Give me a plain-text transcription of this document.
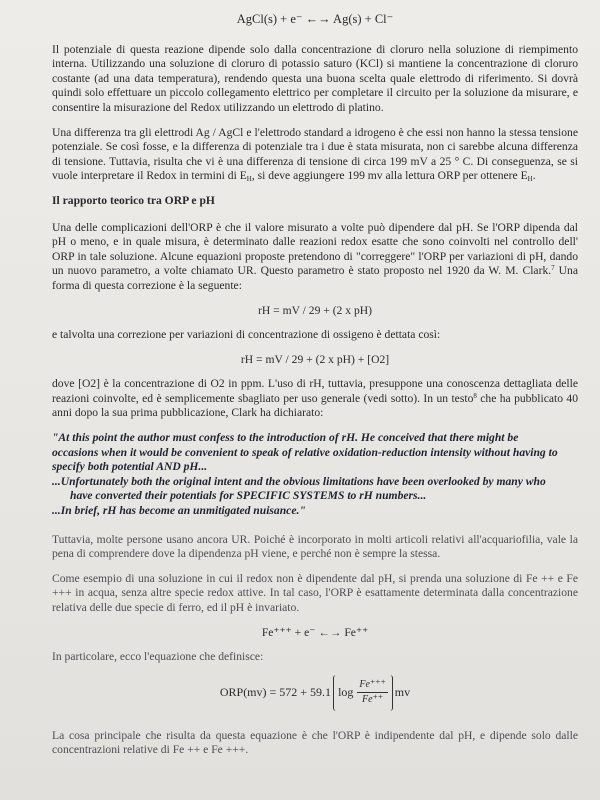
AgCl(s) + e⁻ ←→ Ag(s) + Cl⁻

Il potenziale di questa reazione dipende solo dalla concentrazione di cloruro nella soluzione di riempimento interna. Utilizzando una soluzione di cloruro di potassio saturo (KCl) si mantiene la concentrazione di cloruro costante (ad una data temperatura), rendendo questa una buona scelta quale elettrodo di riferimento. Si dovrà quindi solo effettuare un piccolo collegamento elettrico per completare il circuito per la soluzione da misurare, e consentire la misurazione del Redox utilizzando un elettrodo di platino.

Una differenza tra gli elettrodi Ag / AgCl e l'elettrodo standard a idrogeno è che essi non hanno la stessa tensione potenziale. Se così fosse, e la differenza di potenziale tra i due è stata misurata, non ci sarebbe alcuna differenza di tensione. Tuttavia, risulta che vi è una differenza di tensione di circa 199 mV a 25 ° C. Di conseguenza, se si vuole interpretare il Redox in termini di $E_H$, si deve aggiungere 199 mv alla lettura ORP per ottenere $E_H$.

Il rapporto teorico tra ORP e pH

Una delle complicazioni dell'ORP è che il valore misurato a volte può dipendere dal pH. Se l'ORP dipenda dal pH o meno, e in quale misura, è determinato dalle reazioni redox esatte che sono coinvolti nel controllo dell' ORP in tale soluzione. Alcune equazioni proposte pretendono di "correggere" l'ORP per variazioni di pH, dando un nuovo parametro, a volte chiamato UR. Questo parametro è stato proposto nel 1920 da W. M. Clark.$^7$ Una forma di questa correzione è la seguente:

rH = mV / 29 + (2 x pH)

e talvolta una correzione per variazioni di concentrazione di ossigeno è dettata così:

rH = mV / 29 + (2 x pH) + [O2]

dove [O2] è la concentrazione di O2 in ppm. L'uso di rH, tuttavia, presuppone una conoscenza dettagliata delle reazioni coinvolte, ed è semplicemente sbagliato per uso generale (vedi sotto). In un testo$^8$ che ha pubblicato 40 anni dopo la sua prima pubblicazione, Clark ha dichiarato:

"At this point the author must confess to the introduction of rH. He conceived that there might be
occasions when it would be convenient to speak of relative oxidation-reduction intensity without having to
specify both potential AND pH...
...Unfortunately both the original intent and the obvious limitations have been overlooked by many who
have converted their potentials for SPECIFIC SYSTEMS to rH numbers...
...In brief, rH has become an unmitigated nuisance."

Tuttavia, molte persone usano ancora UR. Poiché è incorporato in molti articoli relativi all'acquariofilia, vale la pena di comprendere dove la dipendenza pH viene, e perché non è sempre la stessa.

Come esempio di una soluzione in cui il redox non è dipendente dal pH, si prenda una soluzione di Fe ++ e Fe +++ in acqua, senza altre specie redox attive. In tal caso, l'ORP è esattamente determinata dalla concentrazione relativa delle due specie di ferro, ed il pH è invariato.

Fe⁺⁺⁺ + e⁻ ←→ Fe⁺⁺

In particolare, ecco l'equazione che definisce:

ORP(mv) = 572 + 59.1 $\log \frac{Fe^{+++}}{Fe^{++}}$ mv

La cosa principale che risulta da questa equazione è che l'ORP è indipendente dal pH, e dipende solo dalle concentrazioni relative di Fe ++ e Fe +++.
